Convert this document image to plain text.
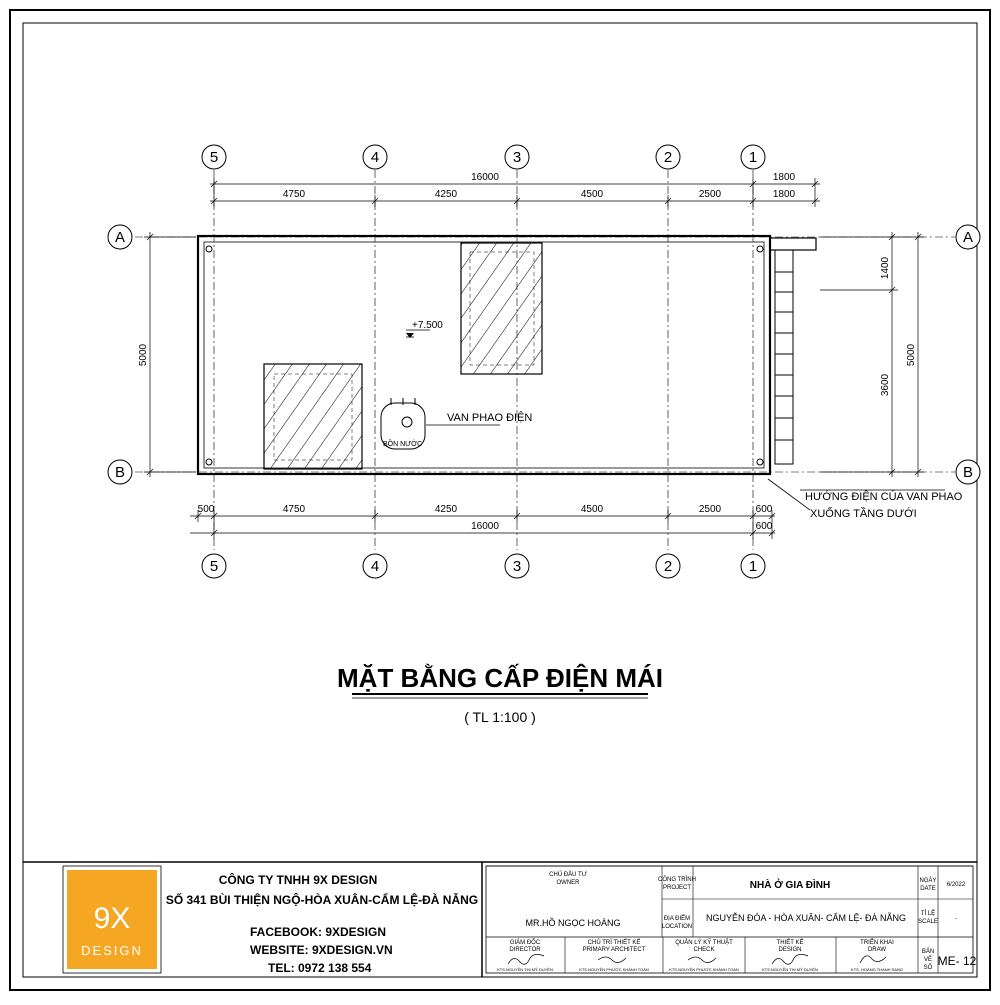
5	4	3	2	1
5	4	3	2	1
A	A
B	B
16000	1800
4750	4250	4500	2500	1800
500	4750	4250	4500	2500	600
16000	600
5000
1400
3600
5000
+7.500
BỒN NƯỚC
VAN PHAO ĐIỆN
HƯỚNG ĐIỆN CỦA VAN PHAO
XUỐNG TẦNG DƯỚI
MẶT BẰNG CẤP ĐIỆN MÁI
( TL 1:100 )
9X
DESIGN
CÔNG TY TNHH 9X DESIGN
SỐ 341 BÙI THIỆN NGỘ-HÒA XUÂN-CẨM LỆ-ĐÀ NẴNG
FACEBOOK: 9XDESIGN
WEBSITE: 9XDESIGN.VN
TEL: 0972 138 554
CHỦ ĐẦU TƯ
OWNER
MR.HỒ NGỌC HOÀNG
CÔNG TRÌNH
PROJECT	NHÀ Ở GIA ĐÌNH
ĐỊA ĐIỂM
LOCATION
NGUYỄN ĐÓA - HÒA XUÂN- CẨM LỆ- ĐÀ NẴNG
NGÀY
DATE
6/2022
TỈ LỆ
SCALE	-
BẢN
VẼ
SỐ ME- 12
GIÁM ĐỐC
DIRECTOR
KTS.NGUYỄN THỊ MỸ DUYÊN
CHỦ TRÌ THIẾT KẾ
PRIMARY ARCHITECT
KTS.NGUYỄN PHƯỚC KHÁNH TOÀN
QUẢN LÝ KỸ THUẬT
CHECK
KTS.NGUYỄN PHƯỚC KHÁNH TOÀN
THIẾT KẾ
DESIGN
KTS.NGUYỄN THỊ MỸ DUYÊN
TRIỂN KHAI
DRAW
KTS. HOÀNG THANH SANG
